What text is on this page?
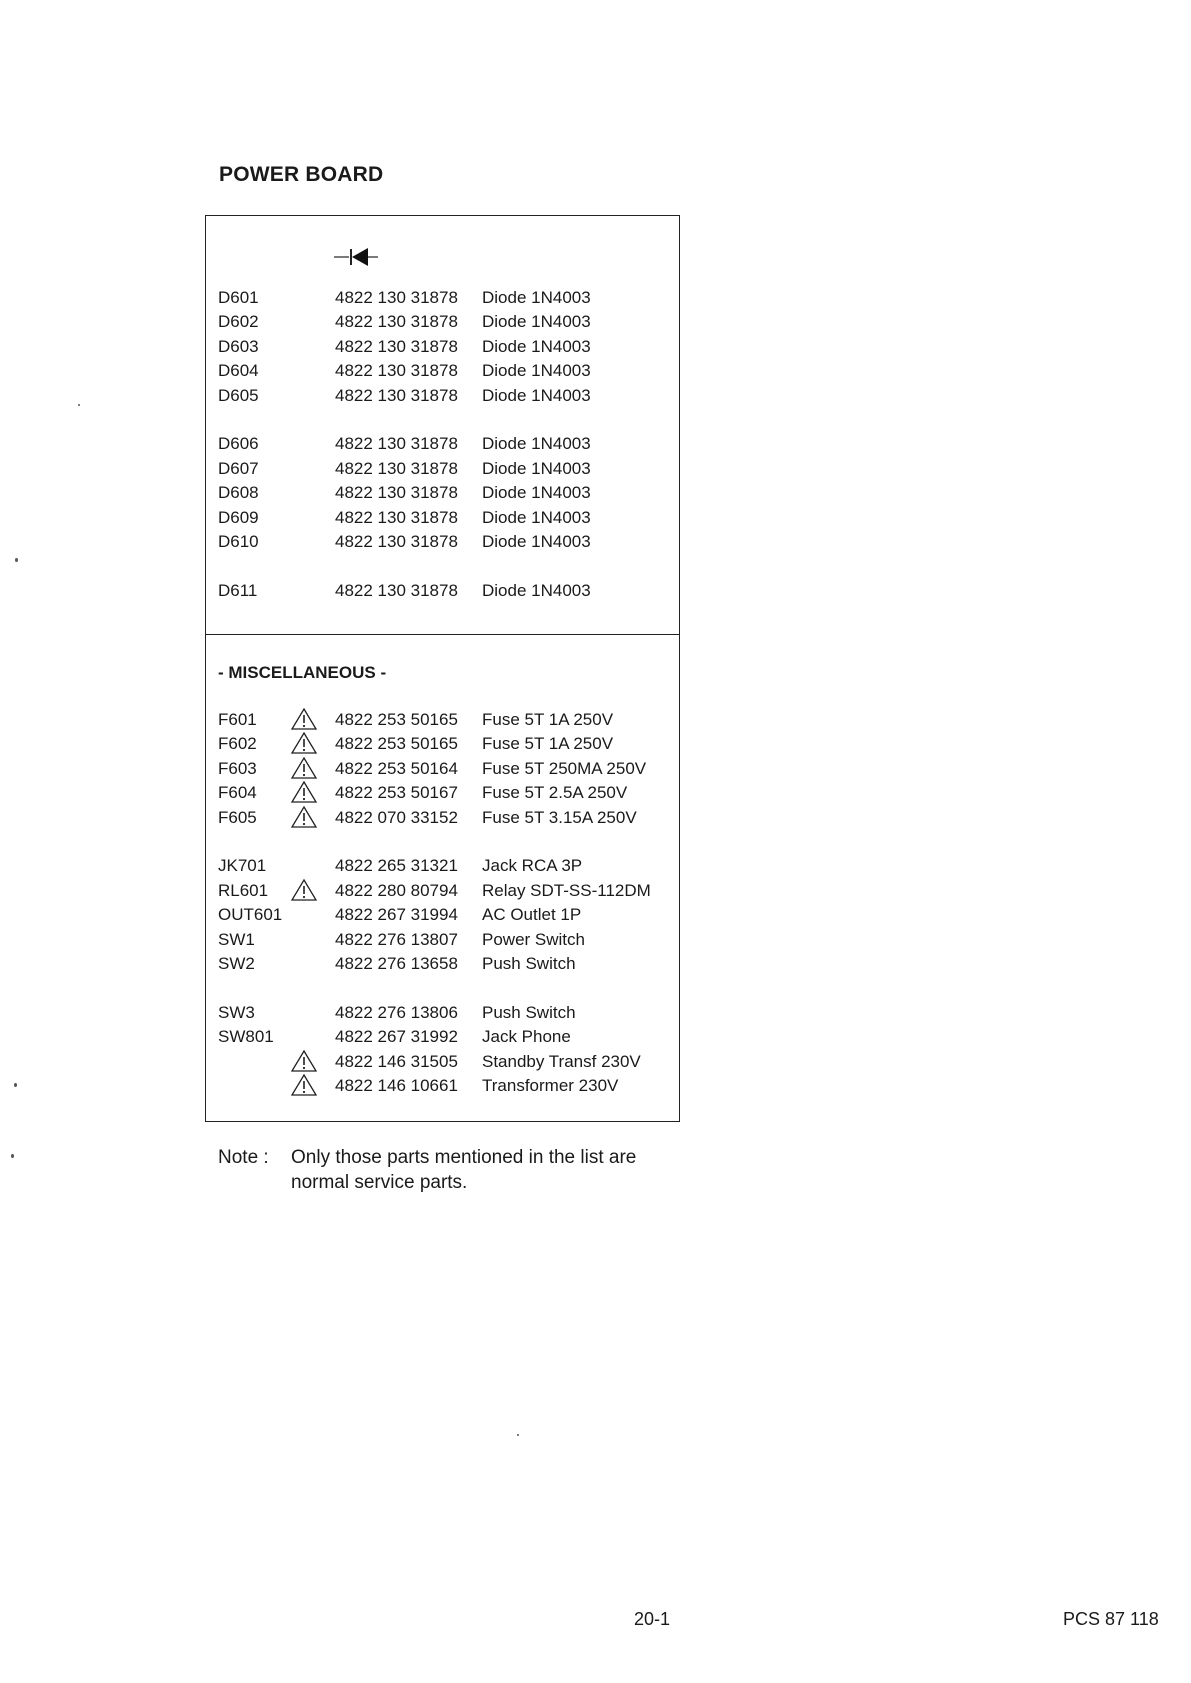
POWER BOARD
D601	4822 130 31878 Diode 1N4003
D602	4822 130 31878 Diode 1N4003
D603	4822 130 31878 Diode 1N4003
D604	4822 130 31878 Diode 1N4003
D605	4822 130 31878 Diode 1N4003
D606	4822 130 31878 Diode 1N4003
D607	4822 130 31878 Diode 1N4003
D608	4822 130 31878 Diode 1N4003
D609	4822 130 31878 Diode 1N4003
D610	4822 130 31878 Diode 1N4003
D611	4822 130 31878 Diode 1N4003
- MISCELLANEOUS -
F601	4822 253 50165 Fuse 5T 1A 250V
F602	4822 253 50165 Fuse 5T 1A 250V
F603	4822 253 50164 Fuse 5T 250MA 250V
F604	4822 253 50167 Fuse 5T 2.5A 250V
F605	4822 070 33152 Fuse 5T 3.15A 250V
JK701	4822 265 31321 Jack RCA 3P
RL601	4822 280 80794 Relay SDT-SS-112DM
OUT601	4822 267 31994 AC Outlet 1P
SW1	4822 276 13807 Power Switch
SW2	4822 276 13658 Push Switch
SW3	4822 276 13806 Push Switch
SW801	4822 267 31992 Jack Phone
4822 146 31505 Standby Transf 230V
4822 146 10661 Transformer 230V
Note : Only those parts mentioned in the list are
normal service parts.
20-1	PCS 87 118
